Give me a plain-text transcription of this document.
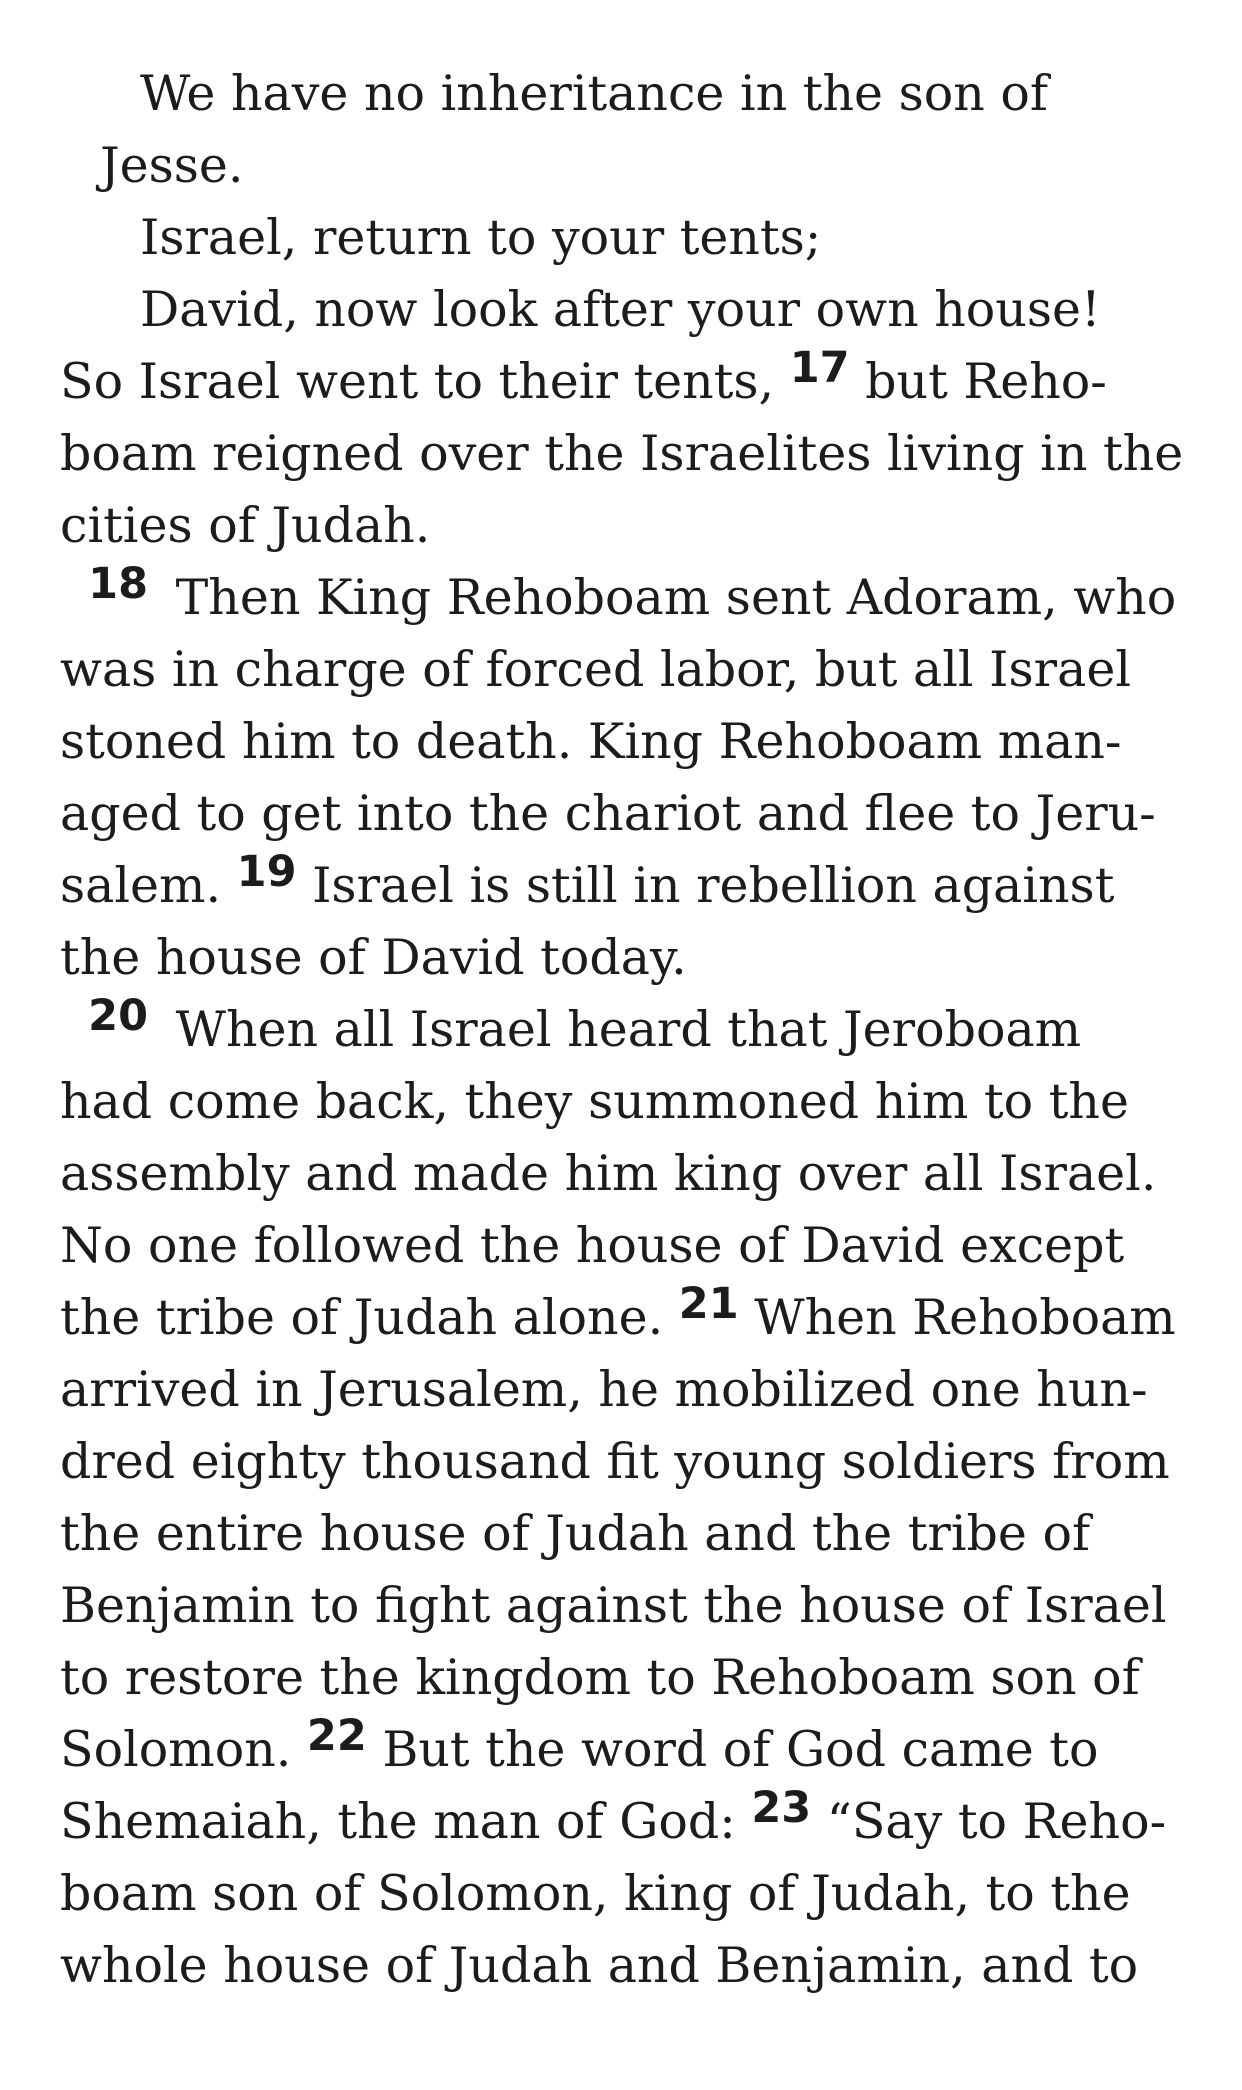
We have no inheritance in the son of
Jesse.
Israel, return to your tents;
David, now look after your own house!
So Israel went to their tents, 17 but Reho-
boam reigned over the Israelites living in the
cities of Judah.
18 Then King Rehoboam sent Adoram, who
was in charge of forced labor, but all Israel
stoned him to death. King Rehoboam man-
aged to get into the chariot and flee to Jeru-
salem. 19 Israel is still in rebellion against
the house of David today.
20 When all Israel heard that Jeroboam
had come back, they summoned him to the
assembly and made him king over all Israel.
No one followed the house of David except
the tribe of Judah alone. 21 When Rehoboam
arrived in Jerusalem, he mobilized one hun-
dred eighty thousand fit young soldiers from
the entire house of Judah and the tribe of
Benjamin to fight against the house of Israel
to restore the kingdom to Rehoboam son of
Solomon. 22 But the word of God came to
Shemaiah, the man of God: 23 “Say to Reho-
boam son of Solomon, king of Judah, to the
whole house of Judah and Benjamin, and to
